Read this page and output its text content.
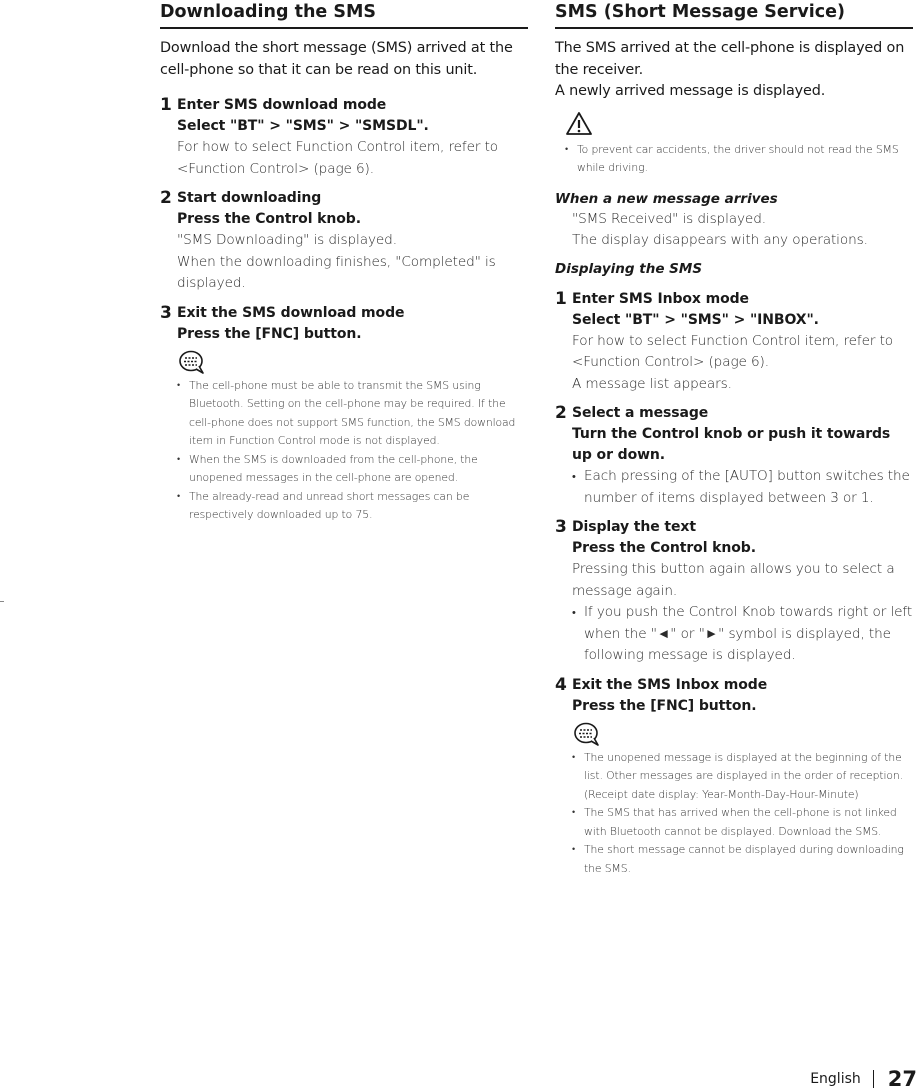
Downloading the SMS

Download the short message (SMS) arrived at the

cell-phone so that it can be read on this unit.

1 Enter SMS download mode
Select "BT" > "SMS" > "SMSDL".
For how to select Function Control item, refer to <Function Control> (page 6).
2 Start downloading
Press the Control knob.
"SMS Downloading" is displayed.
When the downloading finishes, "Completed" is displayed.
3 Exit the SMS download mode
Press the [FNC] button.
• The cell-phone must be able to transmit the SMS using Bluetooth. Setting on the cell-phone may be required. If the cell-phone does not support SMS function, the SMS download item in Function Control mode is not displayed.
• When the SMS is downloaded from the cell-phone, the unopened messages in the cell-phone are opened.
• The already-read and unread short messages can be respectively downloaded up to 75.
SMS (Short Message Service)

The SMS arrived at the cell-phone is displayed on

the receiver.

A newly arrived message is displayed.

• To prevent car accidents, the driver should not read the SMS while driving.
When a new message arrives
"SMS Received" is displayed.
The display disappears with any operations.
Displaying the SMS
1 Enter SMS Inbox mode
Select "BT" > "SMS" > "INBOX".
For how to select Function Control item, refer to <Function Control> (page 6).
A message list appears.
2 Select a message
Turn the Control knob or push it towards up or down.
• Each pressing of the [AUTO] button switches the number of items displayed between 3 or 1.
3 Display the text
Press the Control knob.
Pressing this button again allows you to select a message again.
• If you push the Control Knob towards right or left when the "◄" or "►" symbol is displayed, the following message is displayed.
4 Exit the SMS Inbox mode
Press the [FNC] button.
• The unopened message is displayed at the beginning of the list. Other messages are displayed in the order of reception. (Receipt date display: Year-Month-Day-Hour-Minute)
• The SMS that has arrived when the cell-phone is not linked with Bluetooth cannot be displayed. Download the SMS.
• The short message cannot be displayed during downloading the SMS.
English 27
